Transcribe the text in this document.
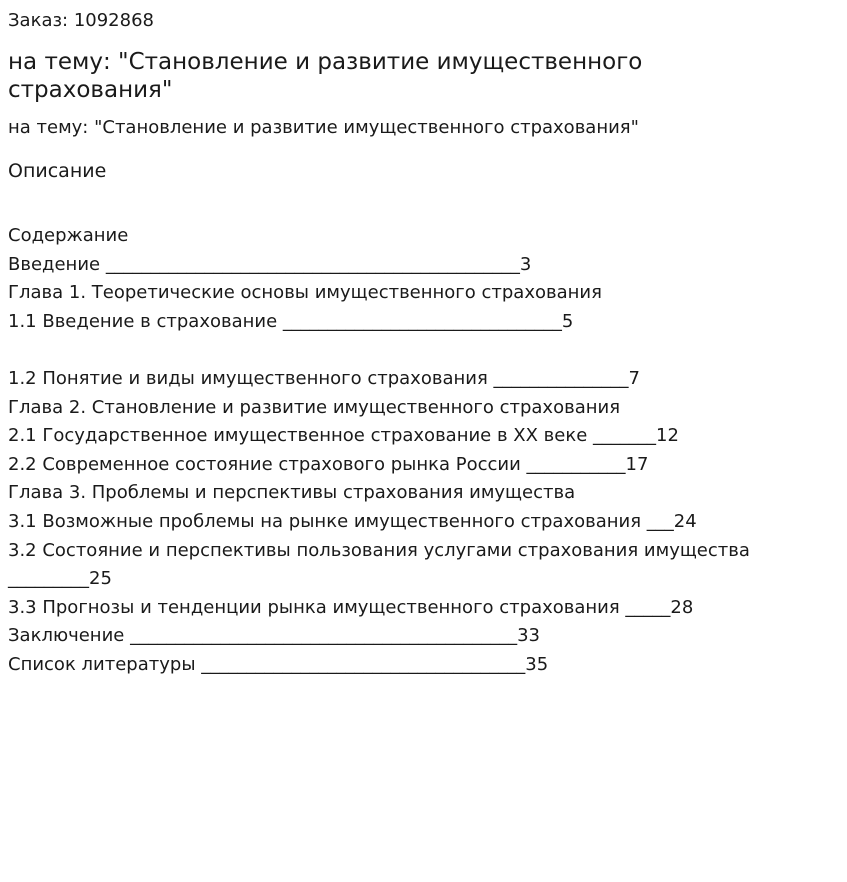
Заказ: 1092868
на тему: "Становление и развитие имущественного страхования"
на тему: "Становление и развитие имущественного страхования"
Описание
Содержание
Введение ______________________________________________3
Глава 1. Теоретические основы имущественного страхования
1.1 Введение в страхование _______________________________5
1.2 Понятие и виды имущественного страхования _______________7
Глава 2. Становление и развитие имущественного страхования
2.1 Государственное имущественное страхование в XX веке _______12
2.2 Современное состояние страхового рынка России ___________17
Глава 3. Проблемы и перспективы страхования имущества
3.1 Возможные проблемы на рынке имущественного страхования ___24
3.2 Состояние и перспективы пользования услугами страхования имущества _________25
3.3 Прогнозы и тенденции рынка имущественного страхования _____28
Заключение ___________________________________________33
Список литературы ____________________________________35
